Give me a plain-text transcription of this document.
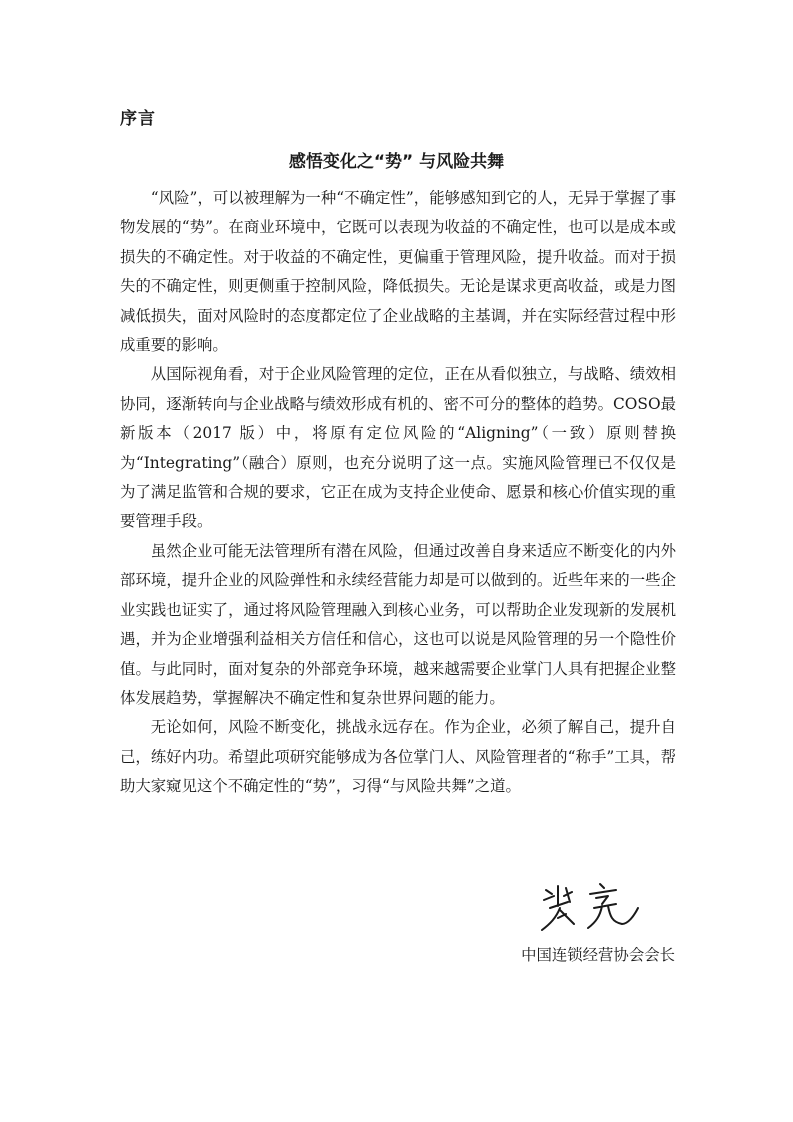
序言
感悟变化之“势” 与风险共舞

“风险”，可以被理解为一种“不确定性”，能够感知到它的人，无异于掌握了事物发展的“势”。在商业环境中，它既可以表现为收益的不确定性，也可以是成本或损失的不确定性。对于收益的不确定性，更偏重于管理风险，提升收益。而对于损失的不确定性，则更侧重于控制风险，降低损失。无论是谋求更高收益，或是力图减低损失，面对风险时的态度都定位了企业战略的主基调，并在实际经营过程中形成重要的影响。

从国际视角看，对于企业风险管理的定位，正在从看似独立，与战略、绩效相协同，逐渐转向与企业战略与绩效形成有机的、密不可分的整体的趋势。COSO最新版本（2017 版）中，将原有定位风险的“Aligning”（一致）原则替换为“Integrating”（融合）原则，也充分说明了这一点。实施风险管理已不仅仅是为了满足监管和合规的要求，它正在成为支持企业使命、愿景和核心价值实现的重要管理手段。

虽然企业可能无法管理所有潜在风险，但通过改善自身来适应不断变化的内外部环境，提升企业的风险弹性和永续经营能力却是可以做到的。近些年来的一些企业实践也证实了，通过将风险管理融入到核心业务，可以帮助企业发现新的发展机遇，并为企业增强利益相关方信任和信心，这也可以说是风险管理的另一个隐性价值。与此同时，面对复杂的外部竞争环境，越来越需要企业掌门人具有把握企业整体发展趋势，掌握解决不确定性和复杂世界问题的能力。

无论如何，风险不断变化，挑战永远存在。作为企业，必须了解自己，提升自己，练好内功。希望此项研究能够成为各位掌门人、风险管理者的“称手”工具，帮助大家窥见这个不确定性的“势”，习得“与风险共舞”之道。

中国连锁经营协会会长
